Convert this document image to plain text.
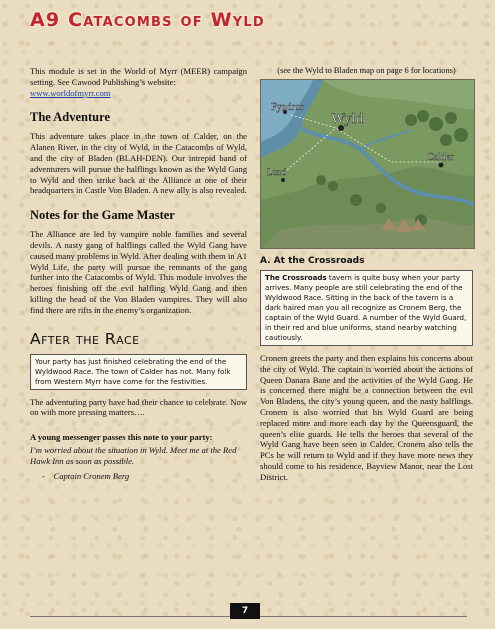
A9 Catacombs of Wyld

This module is set in the World of Myrr (MEER) campaign setting. See Cawood Publishing’s website:
www.worldofmyrr.com

The Adventure

This adventure takes place in the town of Calder, on the Alanen River, in the city of Wyld, in the Catacombs of Wyld, and the city of Bladen (BLAH-DEN). Our intrepid band of adventurers will pursue the halflings known as the Wyld Gang to Wyld and then strike back at the Alliance at one of their headquarters in Castle Von Bladen. A new ally is also revealed.

Notes for the Game Master

The Alliance are led by vampire noble families and several devils. A nasty gang of halflings called the Wyld Gang have caused many problems in Wyld. After dealing with them in A1 Wyld Life, the party will pursue the remnants of the gang further into the Catacombs of Wyld. This module involves the heroes finishing off the evil halfling Wyld Gang and then killing the head of the Von Bladen vampires. They will also find there are rifts in the enemy’s organization.

After the Race
Your party has just finished celebrating the end of the Wyldwood Race. The town of Calder has not. Many folk from Western Myrr have come for the festivities.

The adventuring party have had their chance to celebrate. Now on with more pressing matters….

A young messenger passes this note to your party:
I’m worried about the situation in Wyld. Meet me at the Red Hawk Inn as soon as possible.
- Captain Cronem Berg
(see the Wyld to Bladen map on page 6 for locations)
Fyndros
Wyld
Calder
Lund
A. At the Crossroads
The Crossroads tavern is quite busy when your party arrives. Many people are still celebrating the end of the Wyldwood Race. Sitting in the back of the tavern is a dark haired man you all recognize as Cronem Berg, the captain of the Wyld Guard. A number of the Wyld Guard, in their red and blue uniforms, stand nearby watching cautiously.

Cronem greets the party and then explains his concerns about the city of Wyld. The captain is worried about the actions of Queen Danara Bane and the activities of the Wyld Gang. He is concerned there might be a connection between the evil Von Bladens, the city’s young queen, and the nasty halflings. Cronem is also worried that his Wyld Guard are being replaced more and more each day by the Queensguard, the queen’s elite guards. He tells the heroes that several of the Wyld Gang have been seen in Calder. Cronem also tells the PCs he will return to Wyld and if they have more news they should come to his residence, Bayview Manor, near the Lost District.

7
